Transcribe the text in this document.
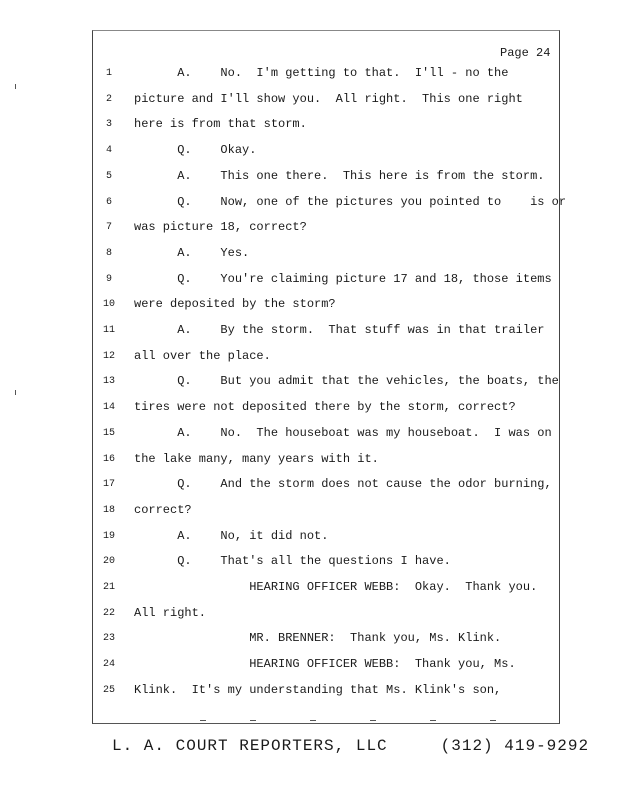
Page 24
1	A.    No.  I'm getting to that.  I'll - no the
2	picture and I'll show you.  All right.  This one right
3	here is from that storm.
4	Q.    Okay.
5	A.    This one there.  This here is from the storm.
6	Q.    Now, one of the pictures you pointed to    is or
7	was picture 18, correct?
8	A.    Yes.
9	Q.    You're claiming picture 17 and 18, those items
10	were deposited by the storm?
11	A.    By the storm.  That stuff was in that trailer
12	all over the place.
13	Q.    But you admit that the vehicles, the boats, the
14	tires were not deposited there by the storm, correct?
15	A.    No.  The houseboat was my houseboat.  I was on
16	the lake many, many years with it.
17	Q.    And the storm does not cause the odor burning,
18	correct?
19	A.    No, it did not.
20	Q.    That's all the questions I have.
21	HEARING OFFICER WEBB:  Okay.  Thank you.
22	All right.
23	MR. BRENNER:  Thank you, Ms. Klink.
24	HEARING OFFICER WEBB:  Thank you, Ms.
25	Klink.  It's my understanding that Ms. Klink's son,
L. A. COURT REPORTERS, LLC     (312) 419-9292
